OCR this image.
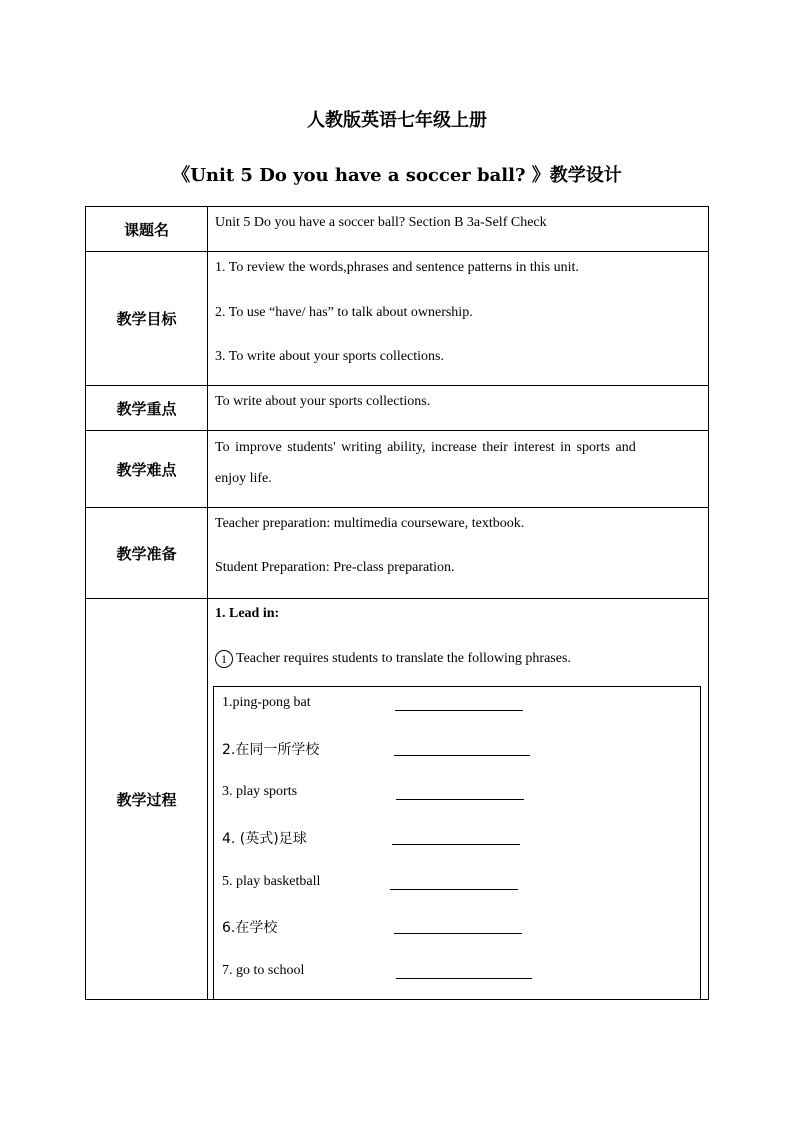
人教版英语七年级上册
《Unit 5 Do you have a soccer ball? 》教学设计
课题名	Unit 5 Do you have a soccer ball? Section B 3a-Self Check
教学目标
1. To review the words,phrases and sentence patterns in this unit.
2. To use “have/ has” to talk about ownership.
3. To write about your sports collections.
教学重点	To write about your sports collections.
教学难点
To improve students' writing ability, increase their interest in sports and
enjoy life.
教学准备
Teacher preparation: multimedia courseware, textbook.
Student Preparation: Pre-class preparation.
教学过程
1. Lead in:
1 Teacher requires students to translate the following phrases.
1.ping-pong bat
2.在同一所学校
3. play sports
4. (英式)足球
5. play basketball
6.在学校
7. go to school
